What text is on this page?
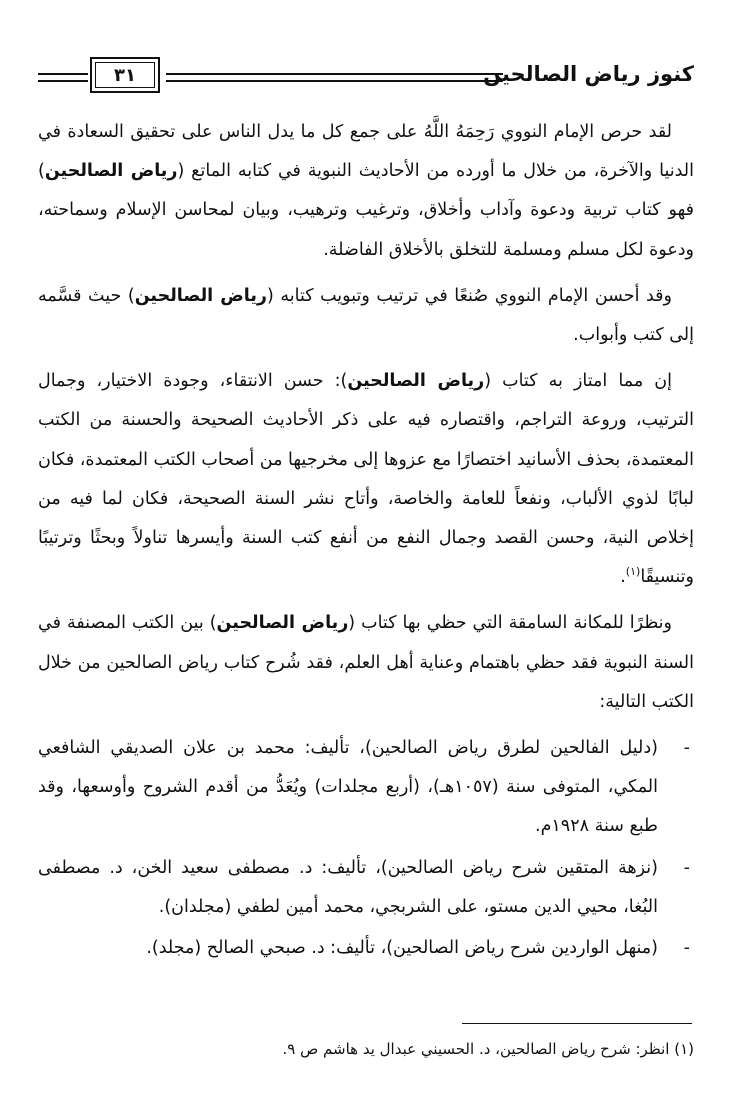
كنوز رياض الصالحين
٣١

لقد حرص الإمام النووي رَحِمَهُ اللَّهُ على جمع كل ما يدل الناس على تحقيق السعادة في الدنيا والآخرة، من خلال ما أورده من الأحاديث النبوية في كتابه الماتع (رياض الصالحين) فهو كتاب تربية ودعوة وآداب وأخلاق، وترغيب وترهيب، وبيان لمحاسن الإسلام وسماحته، ودعوة لكل مسلم ومسلمة للتخلق بالأخلاق الفاضلة.

وقد أحسن الإمام النووي صُنعًا في ترتيب وتبويب كتابه (رياض الصالحين) حيث قسَّمه إلى كتب وأبواب.

إن مما امتاز به كتاب (رياض الصالحين): حسن الانتقاء، وجودة الاختيار، وجمال الترتيب، وروعة التراجم، واقتصاره فيه على ذكر الأحاديث الصحيحة والحسنة من الكتب المعتمدة، بحذف الأسانيد اختصارًا مع عزوها إلى مخرجيها من أصحاب الكتب المعتمدة، فكان لبابًا لذوي الألباب، ونفعاً للعامة والخاصة، وأتاح نشر السنة الصحيحة، فكان لما فيه من إخلاص النية، وحسن القصد وجمال النفع من أنفع كتب السنة وأيسرها تناولاً وبحثًا وترتيبًا وتنسيقًا$^{(١)}$.

ونظرًا للمكانة السامقة التي حظي بها كتاب (رياض الصالحين) بين الكتب المصنفة في السنة النبوية فقد حظي باهتمام وعناية أهل العلم، فقد شُرح كتاب رياض الصالحين من خلال الكتب التالية:

-
(دليل الفالحين لطرق رياض الصالحين)، تأليف: محمد بن علان الصديقي الشافعي المكي، المتوفى سنة (١٠٥٧هـ)، (أربع مجلدات) ويُعَدُّ من أقدم الشروح وأوسعها، وقد طبع سنة ١٩٢٨م.
-
(نزهة المتقين شرح رياض الصالحين)، تأليف: د. مصطفى سعيد الخن، د. مصطفى البُغا، محيي الدين مستو، على الشربجي، محمد أمين لطفي (مجلدان).
-
(منهل الواردين شرح رياض الصالحين)، تأليف: د. صبحي الصالح (مجلد).
(١) انظر: شرح رياض الصالحين، د. الحسيني عبدال يد هاشم ص ٩.
